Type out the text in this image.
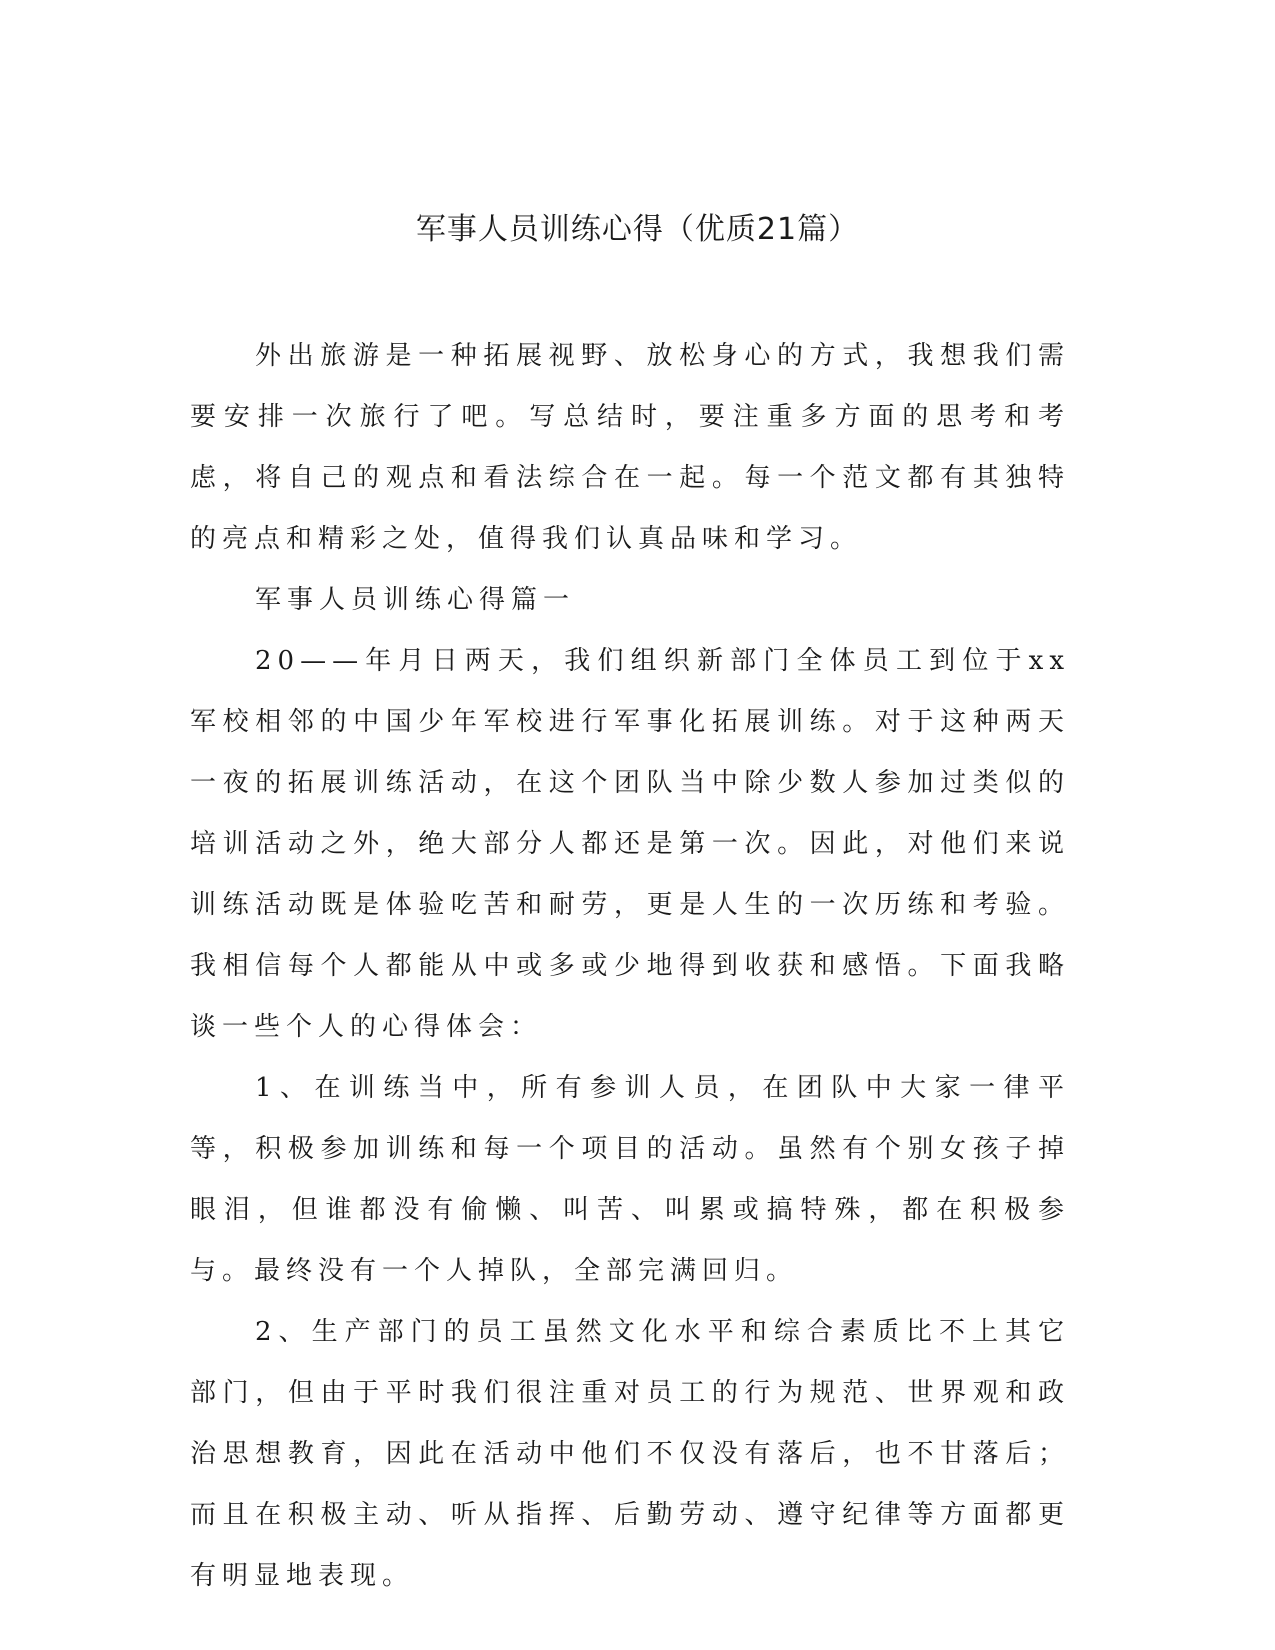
军事人员训练心得（优质21篇）

外出旅游是一种拓展视野、放松身心的方式，我想我们需要安排一次旅行了吧。写总结时，要注重多方面的思考和考虑，将自己的观点和看法综合在一起。每一个范文都有其独特的亮点和精彩之处，值得我们认真品味和学习。

军事人员训练心得篇一

20——年月日两天，我们组织新部门全体员工到位于xx军校相邻的中国少年军校进行军事化拓展训练。对于这种两天一夜的拓展训练活动，在这个团队当中除少数人参加过类似的培训活动之外，绝大部分人都还是第一次。因此，对他们来说训练活动既是体验吃苦和耐劳，更是人生的一次历练和考验。我相信每个人都能从中或多或少地得到收获和感悟。下面我略谈一些个人的心得体会：

1、在训练当中，所有参训人员，在团队中大家一律平等，积极参加训练和每一个项目的活动。虽然有个别女孩子掉眼泪，但谁都没有偷懒、叫苦、叫累或搞特殊，都在积极参与。最终没有一个人掉队，全部完满回归。

2、生产部门的员工虽然文化水平和综合素质比不上其它部门，但由于平时我们很注重对员工的行为规范、世界观和政治思想教育，因此在活动中他们不仅没有落后，也不甘落后；而且在积极主动、听从指挥、后勤劳动、遵守纪律等方面都更有明显地表现。
